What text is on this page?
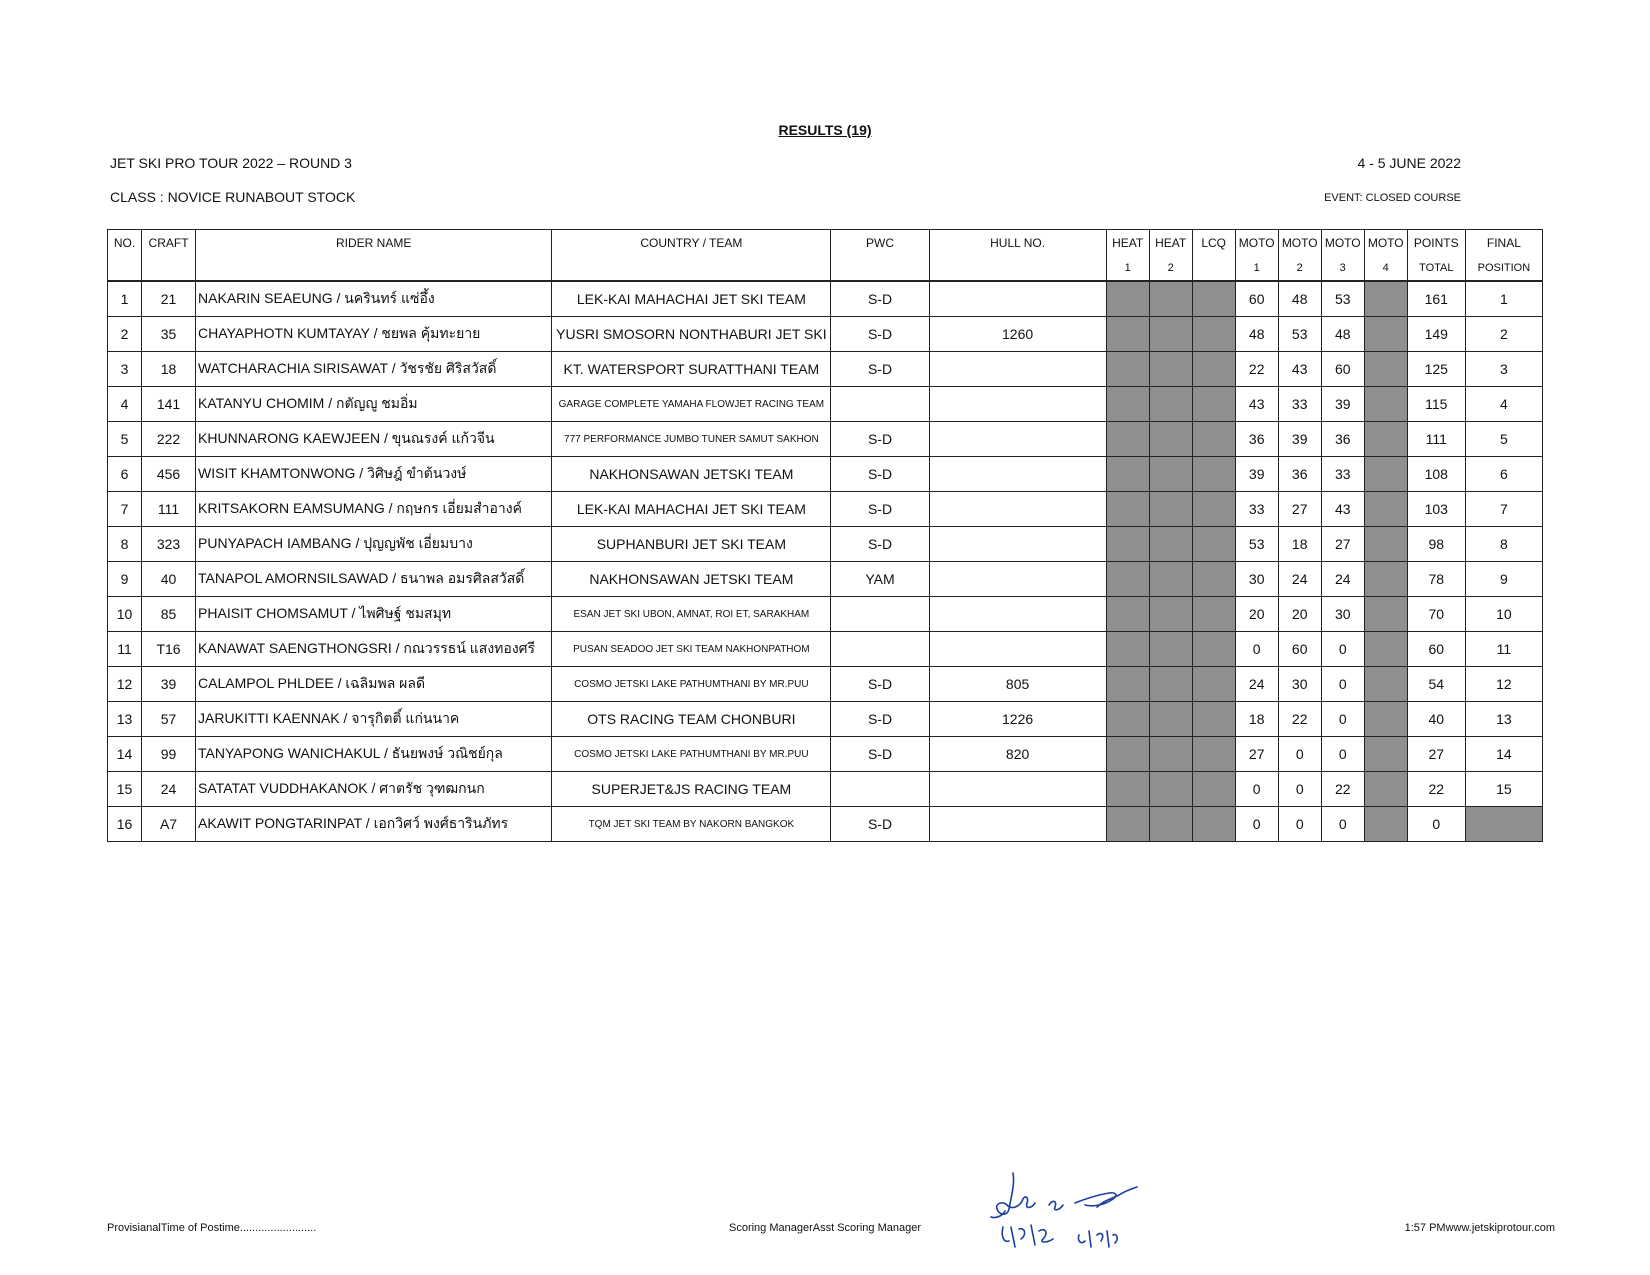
RESULTS (19)
JET SKI PRO TOUR 2022 – ROUND 3	4 - 5 JUNE 2022
CLASS : NOVICE RUNABOUT STOCK	EVENT: CLOSED COURSE
NO.	CRAFT	RIDER NAME	COUNTRY / TEAM	PWC	HULL NO.	HEAT	HEAT	LCQ	MOTO	MOTO	MOTO	MOTO	POINTS	FINAL
						1	2		1	2	3	4	TOTAL	POSITION
1	21	NAKARIN SEAEUNG / นครินทร์ แซ่อึ้ง	LEK-KAI MAHACHAI JET SKI TEAM	S-D					60	48	53		161	1
2	35	CHAYAPHOTN KUMTAYAY / ชยพล คุ้มทะยาย	YUSRI SMOSORN NONTHABURI JET SKI	S-D	1260				48	53	48		149	2
3	18	WATCHARACHIA SIRISAWAT / วัชรชัย ศิริสวัสดิ์	KT. WATERSPORT SURATTHANI TEAM	S-D					22	43	60		125	3
4	141	KATANYU CHOMIM / กตัญญู ชมอิ่ม	GARAGE COMPLETE YAMAHA FLOWJET RACING TEAM						43	33	39		115	4
5	222	KHUNNARONG KAEWJEEN / ขุนณรงค์ แก้วจีน	777 PERFORMANCE JUMBO TUNER SAMUT SAKHON	S-D					36	39	36		111	5
6	456	WISIT KHAMTONWONG / วิศิษฎ์ ขำต้นวงษ์	NAKHONSAWAN JETSKI TEAM	S-D					39	36	33		108	6
7	111	KRITSAKORN EAMSUMANG / กฤษกร เอี่ยมสำอางค์	LEK-KAI MAHACHAI JET SKI TEAM	S-D					33	27	43		103	7
8	323	PUNYAPACH IAMBANG / ปุญญพัช เอี่ยมบาง	SUPHANBURI JET SKI TEAM	S-D					53	18	27		98	8
9	40	TANAPOL AMORNSILSAWAD / ธนาพล อมรศิลสวัสดิ์	NAKHONSAWAN JETSKI TEAM	YAM					30	24	24		78	9
10	85	PHAISIT CHOMSAMUT / ไพศิษฐ์ ชมสมุท	ESAN JET SKI UBON, AMNAT, ROI ET, SARAKHAM						20	20	30		70	10
11	T16	KANAWAT SAENGTHONGSRI / กณวรรธน์ แสงทองศรี	PUSAN SEADOO JET SKI TEAM NAKHONPATHOM						0	60	0		60	11
12	39	CALAMPOL PHLDEE / เฉลิมพล ผลดี	COSMO JETSKI LAKE PATHUMTHANI BY MR.PUU	S-D	805				24	30	0		54	12
13	57	JARUKITTI KAENNAK / จารุกิตติ์ แก่นนาค	OTS RACING TEAM CHONBURI	S-D	1226				18	22	0		40	13
14	99	TANYAPONG WANICHAKUL / ธันยพงษ์ วณิชย์กุล	COSMO JETSKI LAKE PATHUMTHANI BY MR.PUU	S-D	820				27	0	0		27	14
15	24	SATATAT VUDDHAKANOK / ศาตรัช วุฑฒกนก	SUPERJET&JS RACING TEAM						0	0	22		22	15
16	A7	AKAWIT PONGTARINPAT / เอกวิศว์ พงศ์ธารินภัทร	TQM JET SKI TEAM BY NAKORN BANGKOK	S-D					0	0	0		0	
ProvisianalTime of Postime.........................	Scoring ManagerAsst Scoring Manager	1:57 PMwww.jetskiprotour.com
